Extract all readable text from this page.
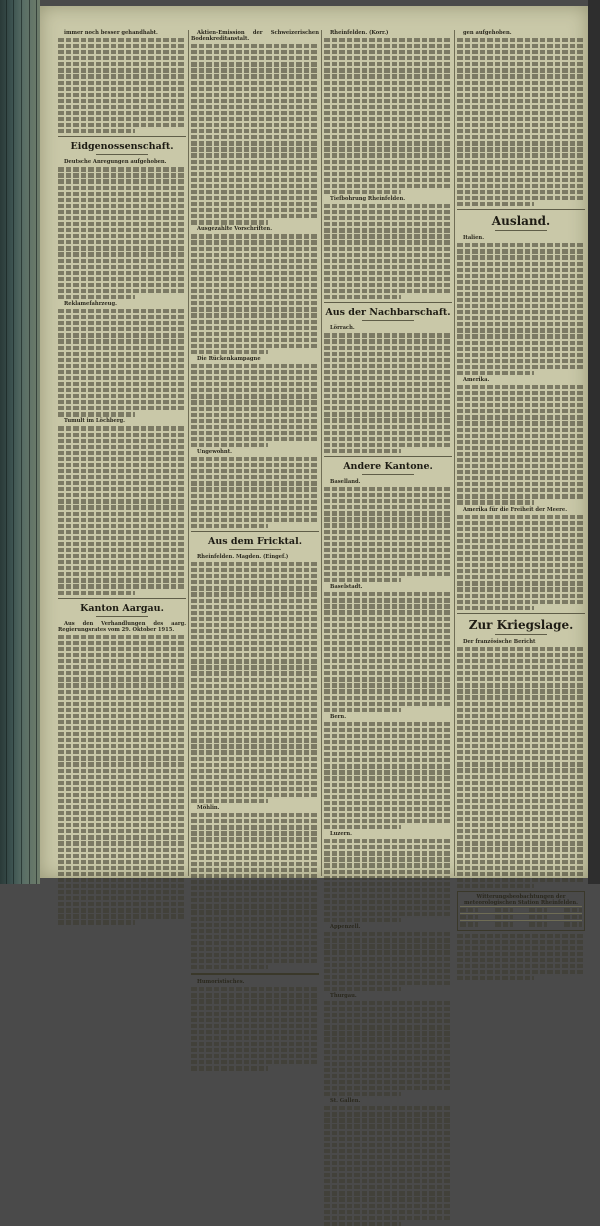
immer noch besser gehandhabt.
Eidgenossenschaft.
Deutsche Anregungen aufgehoben.
Reklamefahrzeug.
Tumult im Löchberg.
Kanton Aargau.
Aus den Verhandlungen des aarg. Regierungsrates vom 29. Oktober 1915.
Aktien-Emission der Schweizerischen Bodenkreditanstalt.
Ausgezahlte Vorschriften.
Die Rückenkampagne
Ungewohnt.
Aus dem Fricktal.
Rheinfelden. Magden. (Eingef.)
Möhlin.
Humoristisches.
Rheinfelden. (Korr.)
Tiefbohrung Rheinfelden.
Aus der Nachbarschaft.
Lörrach.
Andere Kantone.
Baselland.
Baselstadt.
Bern.
Luzern.
Appenzell.
Thurgau.
St. Gallen.
gen aufgehoben.
Ausland.
Italien.
Amerika.
Amerika für die Freiheit der Meere.
Zur Kriegslage.
Der französische Bericht
Witterungsbeobachtungen der meteorologischen Station Rheinfelden.
